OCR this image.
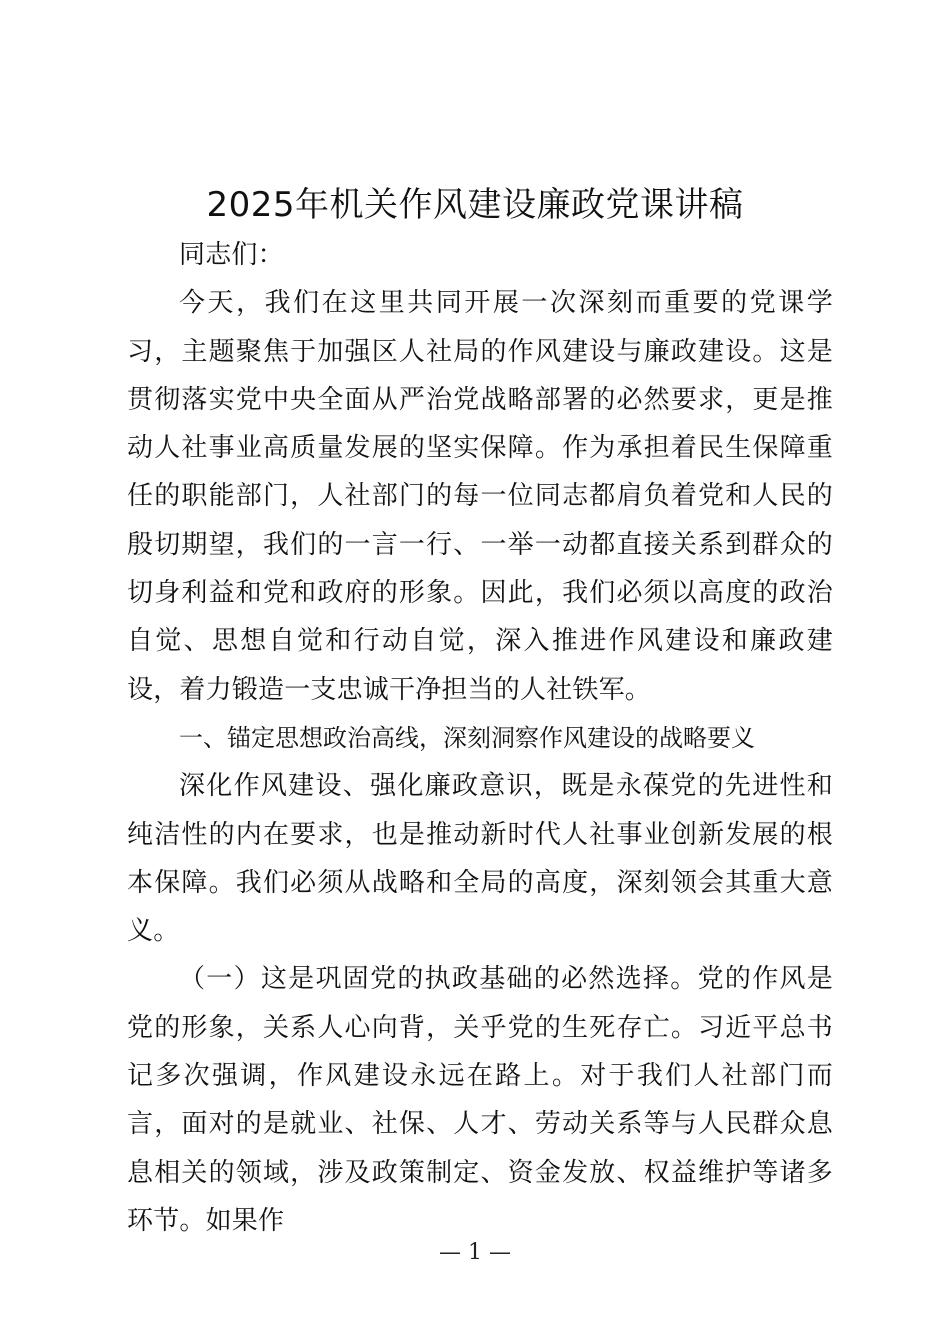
2025年机关作风建设廉政党课讲稿

同志们：

今天，我们在这里共同开展一次深刻而重要的党课学习，主题聚焦于加强区人社局的作风建设与廉政建设。这是贯彻落实党中央全面从严治党战略部署的必然要求，更是推动人社事业高质量发展的坚实保障。作为承担着民生保障重任的职能部门，人社部门的每一位同志都肩负着党和人民的殷切期望，我们的一言一行、一举一动都直接关系到群众的切身利益和党和政府的形象。因此，我们必须以高度的政治自觉、思想自觉和行动自觉，深入推进作风建设和廉政建设，着力锻造一支忠诚干净担当的人社铁军。

一、锚定思想政治高线，深刻洞察作风建设的战略要义

深化作风建设、强化廉政意识，既是永葆党的先进性和纯洁性的内在要求，也是推动新时代人社事业创新发展的根本保障。我们必须从战略和全局的高度，深刻领会其重大意义。

（一）这是巩固党的执政基础的必然选择。党的作风是党的形象，关系人心向背，关乎党的生死存亡。习近平总书记多次强调，作风建设永远在路上。对于我们人社部门而言，面对的是就业、社保、人才、劳动关系等与人民群众息息相关的领域，涉及政策制定、资金发放、权益维护等诸多环节。如果作

— 1 —
